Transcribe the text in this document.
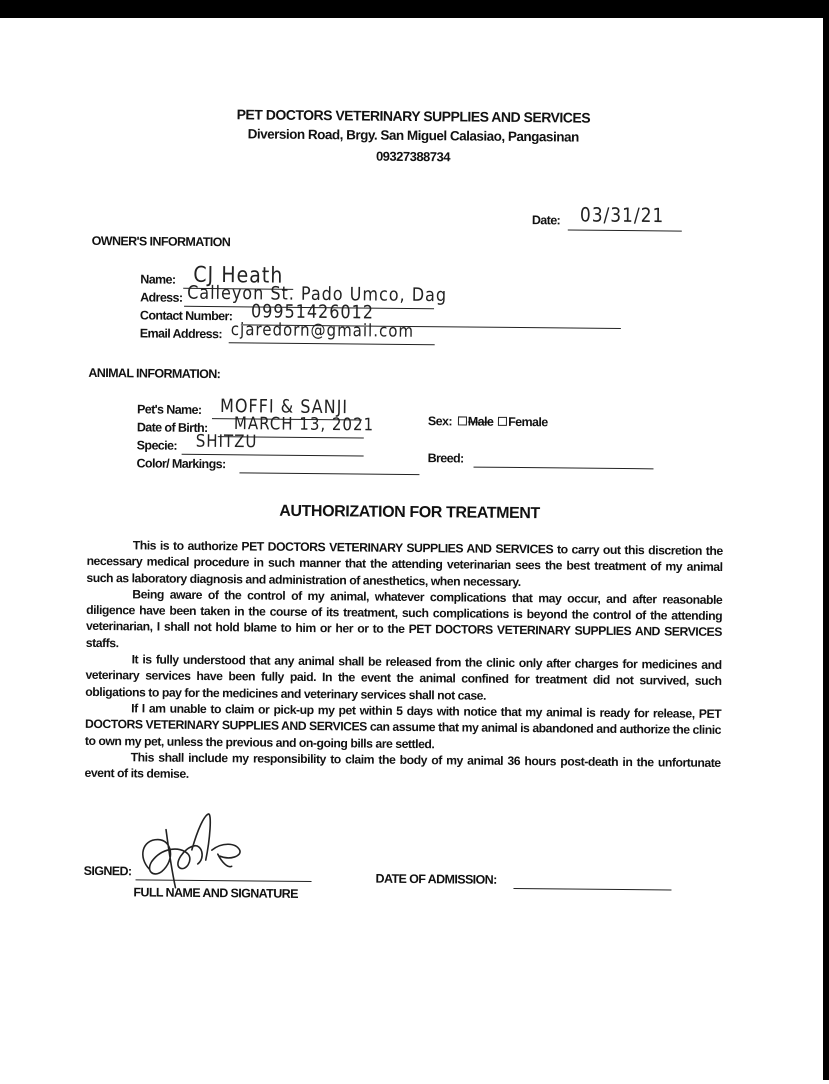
PET DOCTORS VETERINARY SUPPLIES AND SERVICES
Diversion Road, Brgy. San Miguel Calasiao, Pangasinan
09327388734
Date: 03/31/21
OWNER'S INFORMATION
Name: CJ Heath
Adress: Calleyon St. Pado Umco, Dag
Contact Number: 09951426012
Email Address: cjaredorn@gmail.com
ANIMAL INFORMATION:
Pet's Name: MOFFI & SANJI
Date of Birth: MARCH 13, 2021
Specie: SHITZU
Color/ Markings:
Sex: Male Female
Breed:
AUTHORIZATION FOR TREATMENT

This is to authorize PET DOCTORS VETERINARY SUPPLIES AND SERVICES to carry out this discretion the necessary medical procedure in such manner that the attending veterinarian sees the best treatment of my animal such as laboratory diagnosis and administration of anesthetics, when necessary.

Being aware of the control of my animal, whatever complications that may occur, and after reasonable diligence have been taken in the course of its treatment, such complications is beyond the control of the attending veterinarian, I shall not hold blame to him or her or to the PET DOCTORS VETERINARY SUPPLIES AND SERVICES staffs.

It is fully understood that any animal shall be released from the clinic only after charges for medicines and veterinary services have been fully paid. In the event the animal confined for treatment did not survived, such obligations to pay for the medicines and veterinary services shall not case.

If I am unable to claim or pick-up my pet within 5 days with notice that my animal is ready for release, PET DOCTORS VETERINARY SUPPLIES AND SERVICES can assume that my animal is abandoned and authorize the clinic to own my pet, unless the previous and on-going bills are settled.

This shall include my responsibility to claim the body of my animal 36 hours post-death in the unfortunate event of its demise.

SIGNED:
FULL NAME AND SIGNATURE
DATE OF ADMISSION:
